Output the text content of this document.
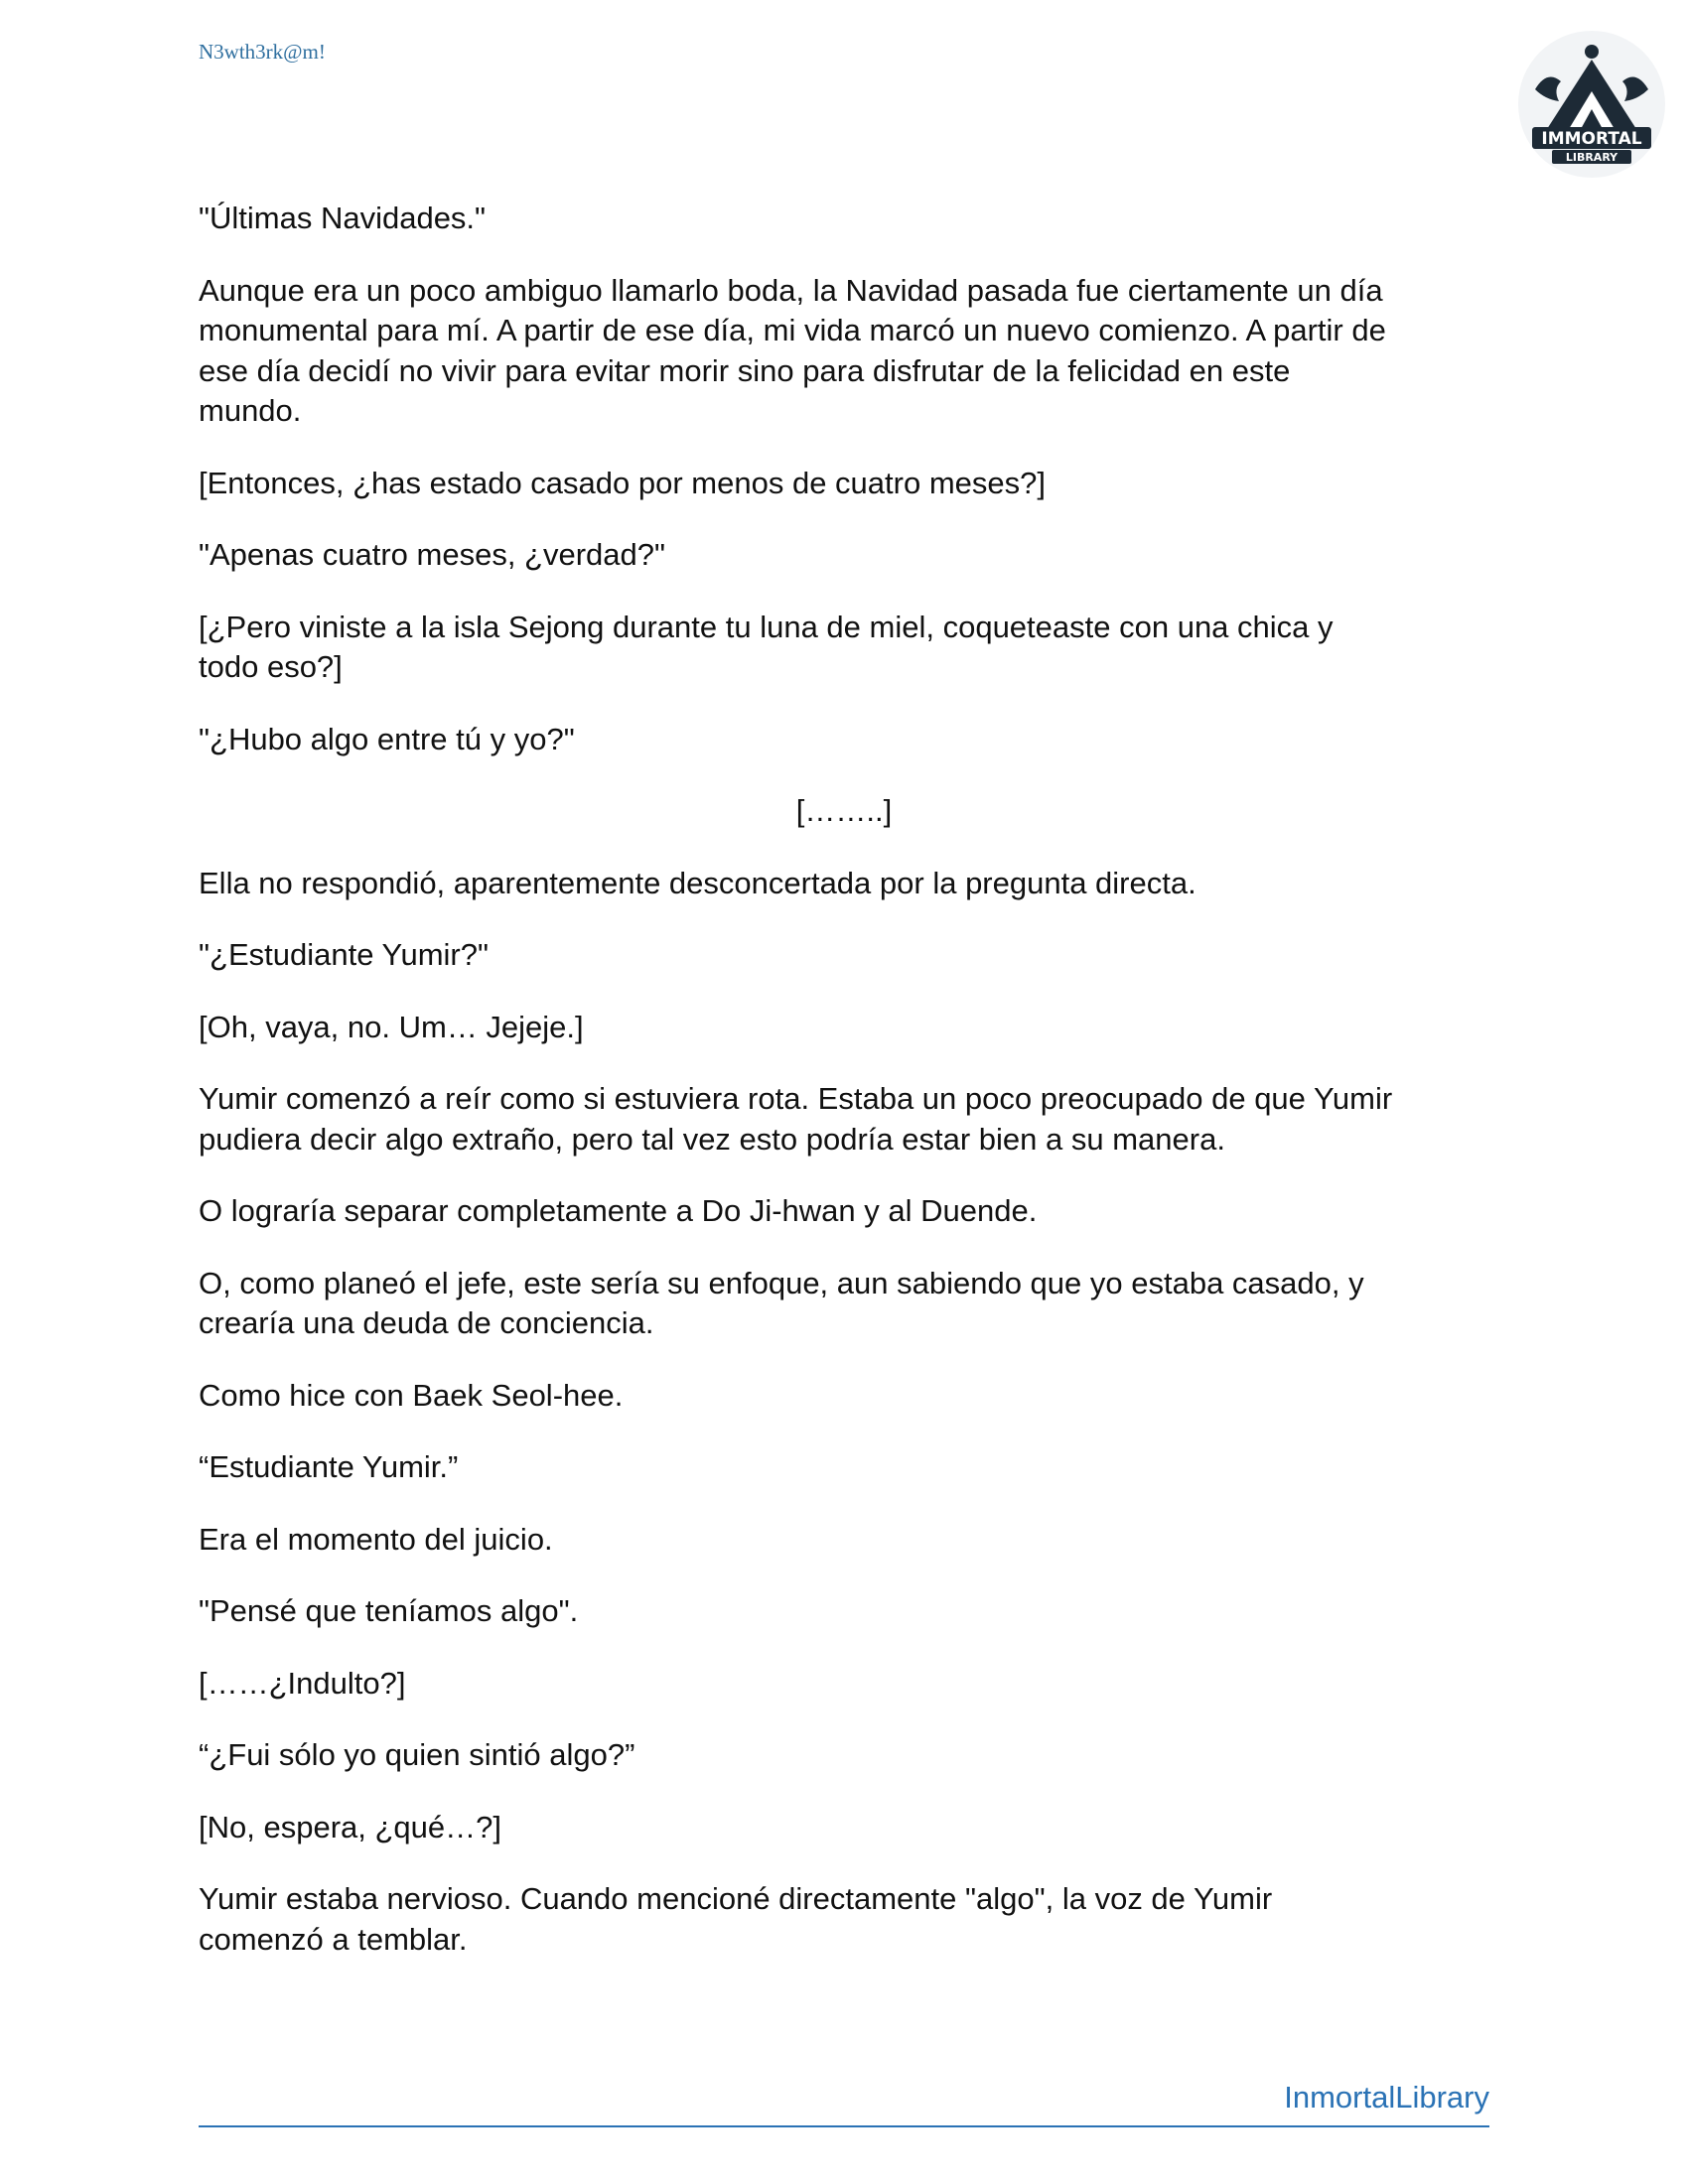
N3wth3rk@m!
IMMORTAL
LIBRARY

"Últimas Navidades."

Aunque era un poco ambiguo llamarlo boda, la Navidad pasada fue ciertamente un día
monumental para mí. A partir de ese día, mi vida marcó un nuevo comienzo. A partir de
ese día decidí no vivir para evitar morir sino para disfrutar de la felicidad en este
mundo.

[Entonces, ¿has estado casado por menos de cuatro meses?]

"Apenas cuatro meses, ¿verdad?"

[¿Pero viniste a la isla Sejong durante tu luna de miel, coqueteaste con una chica y
todo eso?]

"¿Hubo algo entre tú y yo?"

[……..]

Ella no respondió, aparentemente desconcertada por la pregunta directa.

"¿Estudiante Yumir?"

[Oh, vaya, no. Um… Jejeje.]

Yumir comenzó a reír como si estuviera rota. Estaba un poco preocupado de que Yumir
pudiera decir algo extraño, pero tal vez esto podría estar bien a su manera.

O lograría separar completamente a Do Ji-hwan y al Duende.

O, como planeó el jefe, este sería su enfoque, aun sabiendo que yo estaba casado, y
crearía una deuda de conciencia.

Como hice con Baek Seol-hee.

“Estudiante Yumir.”

Era el momento del juicio.

"Pensé que teníamos algo".

[……¿Indulto?]

“¿Fui sólo yo quien sintió algo?”

[No, espera, ¿qué…?]

Yumir estaba nervioso. Cuando mencioné directamente "algo", la voz de Yumir
comenzó a temblar.

InmortalLibrary
